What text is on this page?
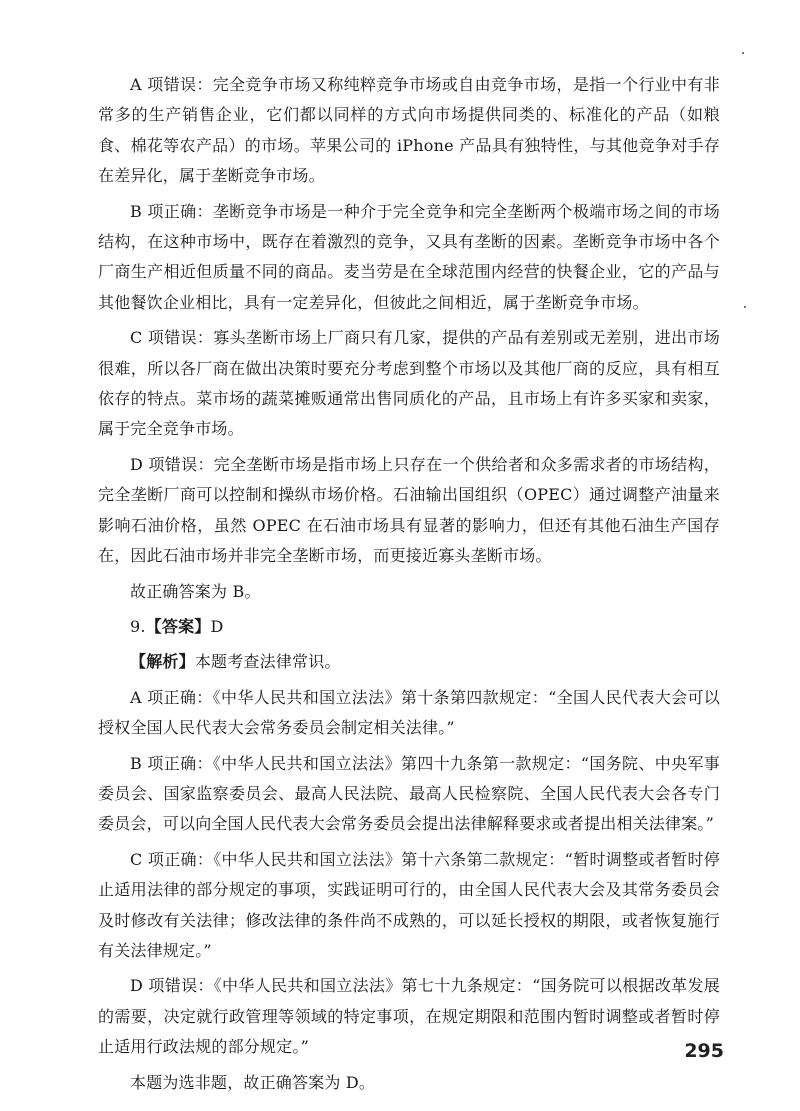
A 项错误：完全竞争市场又称纯粹竞争市场或自由竞争市场，是指一个行业中有非常多的生产销售企业，它们都以同样的方式向市场提供同类的、标准化的产品（如粮食、棉花等农产品）的市场。苹果公司的 iPhone 产品具有独特性，与其他竞争对手存在差异化，属于垄断竞争市场。

B 项正确：垄断竞争市场是一种介于完全竞争和完全垄断两个极端市场之间的市场结构，在这种市场中，既存在着激烈的竞争，又具有垄断的因素。垄断竞争市场中各个厂商生产相近但质量不同的商品。麦当劳是在全球范围内经营的快餐企业，它的产品与其他餐饮企业相比，具有一定差异化，但彼此之间相近，属于垄断竞争市场。

C 项错误：寡头垄断市场上厂商只有几家，提供的产品有差别或无差别，进出市场很难，所以各厂商在做出决策时要充分考虑到整个市场以及其他厂商的反应，具有相互依存的特点。菜市场的蔬菜摊贩通常出售同质化的产品，且市场上有许多买家和卖家，属于完全竞争市场。

D 项错误：完全垄断市场是指市场上只存在一个供给者和众多需求者的市场结构，完全垄断厂商可以控制和操纵市场价格。石油输出国组织（OPEC）通过调整产油量来影响石油价格，虽然 OPEC 在石油市场具有显著的影响力，但还有其他石油生产国存在，因此石油市场并非完全垄断市场，而更接近寡头垄断市场。

故正确答案为 B。

9.【答案】D

【解析】本题考查法律常识。

A 项正确：《中华人民共和国立法法》第十条第四款规定：“全国人民代表大会可以授权全国人民代表大会常务委员会制定相关法律。”

B 项正确：《中华人民共和国立法法》第四十九条第一款规定：“国务院、中央军事委员会、国家监察委员会、最高人民法院、最高人民检察院、全国人民代表大会各专门委员会，可以向全国人民代表大会常务委员会提出法律解释要求或者提出相关法律案。”

C 项正确：《中华人民共和国立法法》第十六条第二款规定：“暂时调整或者暂时停止适用法律的部分规定的事项，实践证明可行的，由全国人民代表大会及其常务委员会及时修改有关法律；修改法律的条件尚不成熟的，可以延长授权的期限，或者恢复施行有关法律规定。”

D 项错误：《中华人民共和国立法法》第七十九条规定：“国务院可以根据改革发展的需要，决定就行政管理等领域的特定事项，在规定期限和范围内暂时调整或者暂时停止适用行政法规的部分规定。”

本题为选非题，故正确答案为 D。

295
